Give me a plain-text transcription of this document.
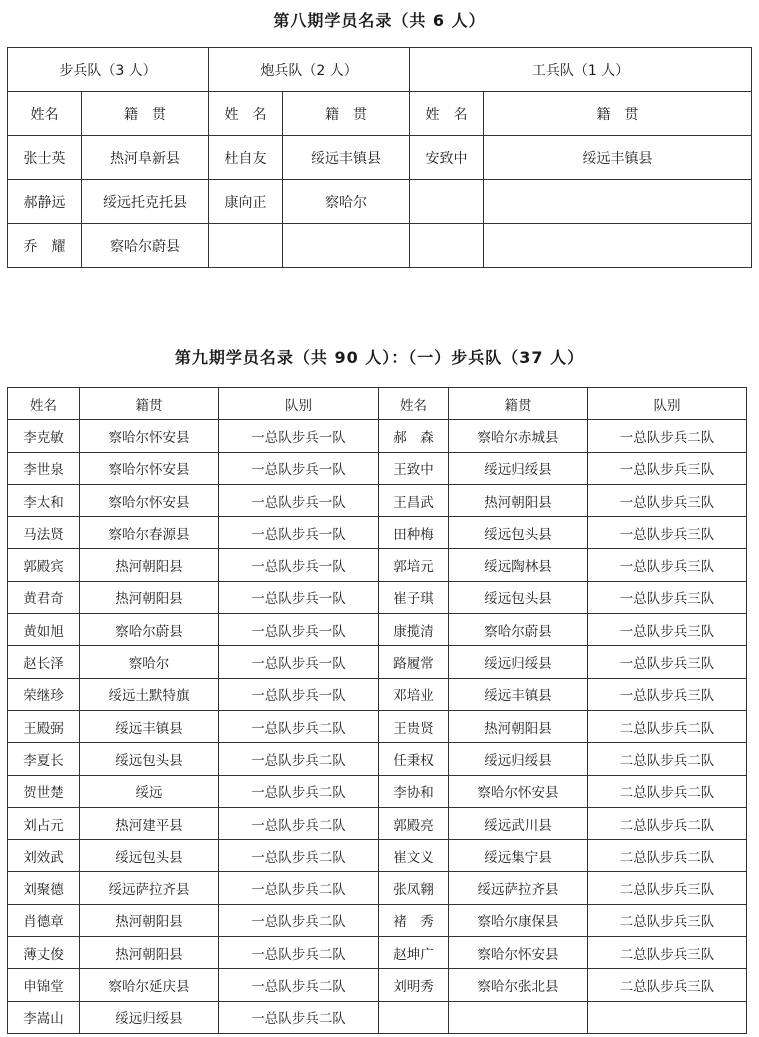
第八期学员名录（共 6 人）
步兵队（3 人）		炮兵队（2 人）		工兵队（1 人）	
姓名	籍　贯	姓　名	籍　贯	姓　名	籍　贯
张士英	热河阜新县	杜自友	绥远丰镇县	安致中	绥远丰镇县
郝静远	绥远托克托县	康向正	察哈尔		
乔　耀	察哈尔蔚县				
第九期学员名录（共 90 人）：（一）步兵队（37 人）
姓名	籍贯	队别	姓名	籍贯	队别
李克敏	察哈尔怀安县	一总队步兵一队	郝　森	察哈尔赤城县	一总队步兵二队
李世泉	察哈尔怀安县	一总队步兵一队	王致中	绥远归绥县	一总队步兵三队
李太和	察哈尔怀安县	一总队步兵一队	王昌武	热河朝阳县	一总队步兵三队
马法贤	察哈尔春源县	一总队步兵一队	田种梅	绥远包头县	一总队步兵三队
郭殿宾	热河朝阳县	一总队步兵一队	郭培元	绥远陶林县	一总队步兵三队
黄君奇	热河朝阳县	一总队步兵一队	崔子琪	绥远包头县	一总队步兵三队
黄如旭	察哈尔蔚县	一总队步兵一队	康揽清	察哈尔蔚县	一总队步兵三队
赵长泽	察哈尔	一总队步兵一队	路履常	绥远归绥县	一总队步兵三队
荣继珍	绥远土默特旗	一总队步兵一队	邓培业	绥远丰镇县	一总队步兵三队
王殿弼	绥远丰镇县	一总队步兵二队	王贵贤	热河朝阳县	二总队步兵二队
李夏长	绥远包头县	一总队步兵二队	任秉权	绥远归绥县	二总队步兵二队
贺世楚	绥远	一总队步兵二队	李协和	察哈尔怀安县	二总队步兵二队
刘占元	热河建平县	一总队步兵二队	郭殿亮	绥远武川县	二总队步兵二队
刘效武	绥远包头县	一总队步兵二队	崔文义	绥远集宁县	二总队步兵二队
刘聚德	绥远萨拉齐县	一总队步兵二队	张凤翱	绥远萨拉齐县	二总队步兵三队
肖德章	热河朝阳县	一总队步兵二队	褚　秀	察哈尔康保县	二总队步兵三队
薄丈俊	热河朝阳县	一总队步兵二队	赵坤广	察哈尔怀安县	二总队步兵三队
申锦堂	察哈尔延庆县	一总队步兵二队	刘明秀	察哈尔张北县	二总队步兵三队
李嵩山	绥远归绥县	一总队步兵二队			
